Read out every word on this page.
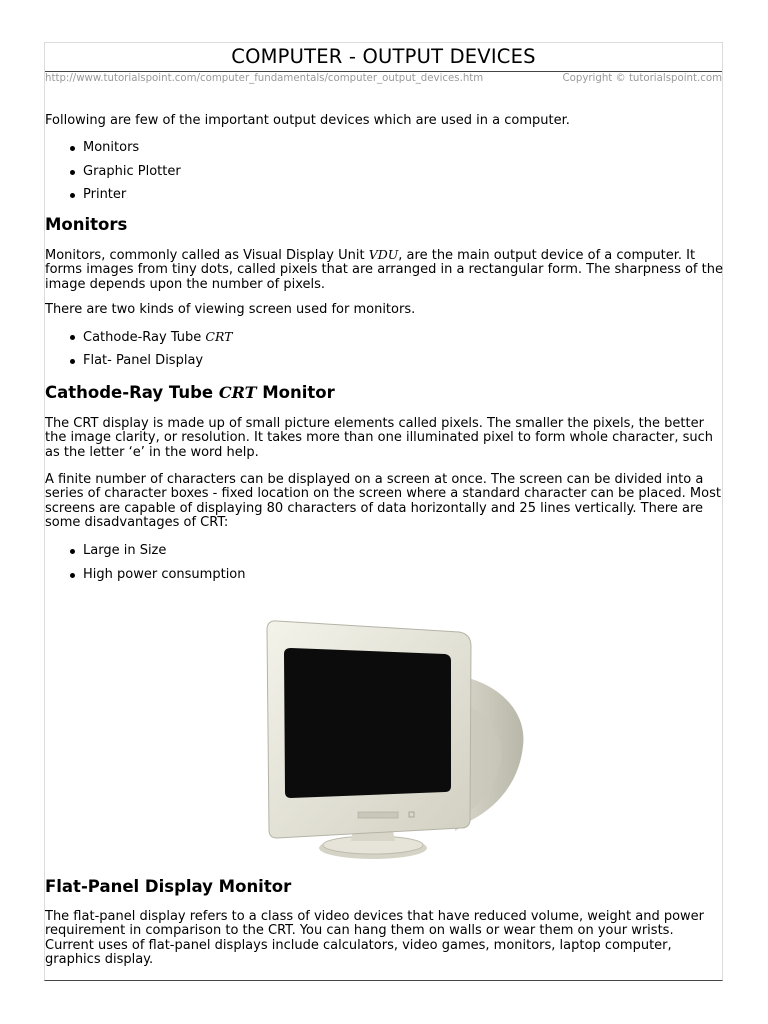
COMPUTER - OUTPUT DEVICES
http://www.tutorialspoint.com/computer_fundamentals/computer_output_devices.htm	Copyright © tutorialspoint.com

Following are few of the important output devices which are used in a computer.

Monitors
Graphic Plotter
Printer
Monitors

Monitors, commonly called as Visual Display Unit VDU, are the main output device of a computer. It forms images from tiny dots, called pixels that are arranged in a rectangular form. The sharpness of the image depends upon the number of pixels.

There are two kinds of viewing screen used for monitors.

Cathode-Ray Tube CRT
Flat- Panel Display
Cathode-Ray Tube CRT Monitor

The CRT display is made up of small picture elements called pixels. The smaller the pixels, the better the image clarity, or resolution. It takes more than one illuminated pixel to form whole character, such as the letter ‘e’ in the word help.

A finite number of characters can be displayed on a screen at once. The screen can be divided into a series of character boxes - fixed location on the screen where a standard character can be placed. Most screens are capable of displaying 80 characters of data horizontally and 25 lines vertically. There are some disadvantages of CRT:

Large in Size
High power consumption
Flat-Panel Display Monitor

The flat-panel display refers to a class of video devices that have reduced volume, weight and power requirement in comparison to the CRT. You can hang them on walls or wear them on your wrists. Current uses of flat-panel displays include calculators, video games, monitors, laptop computer, graphics display.
